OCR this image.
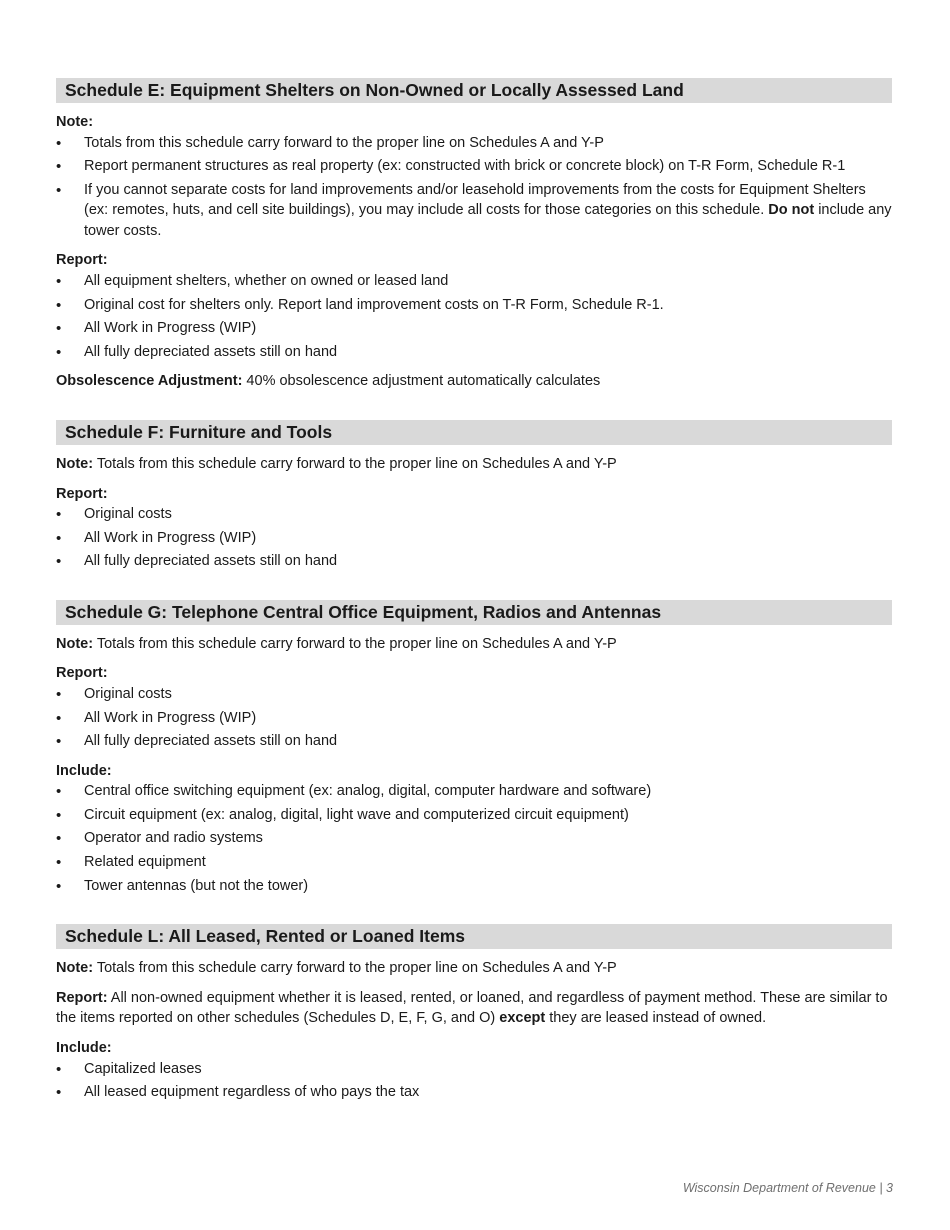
Schedule E: Equipment Shelters on Non-Owned or Locally Assessed Land

Note:

• Totals from this schedule carry forward to the proper line on Schedules A and Y-P
• Report permanent structures as real property (ex: constructed with brick or concrete block) on T-R Form, Schedule R-1
• If you cannot separate costs for land improvements and/or leasehold improvements from the costs for Equipment Shelters (ex: remotes, huts, and cell site buildings), you may include all costs for those categories on this schedule. Do not include any tower costs.

Report:

• All equipment shelters, whether on owned or leased land
• Original cost for shelters only. Report land improvement costs on T-R Form, Schedule R-1.
• All Work in Progress (WIP)
• All fully depreciated assets still on hand

Obsolescence Adjustment: 40% obsolescence adjustment automatically calculates

Schedule F: Furniture and Tools

Note: Totals from this schedule carry forward to the proper line on Schedules A and Y-P

Report:

• Original costs
• All Work in Progress (WIP)
• All fully depreciated assets still on hand
Schedule G: Telephone Central Office Equipment, Radios and Antennas

Note: Totals from this schedule carry forward to the proper line on Schedules A and Y-P

Report:

• Original costs
• All Work in Progress (WIP)
• All fully depreciated assets still on hand

Include:

• Central office switching equipment (ex: analog, digital, computer hardware and software)
• Circuit equipment (ex: analog, digital, light wave and computerized circuit equipment)
• Operator and radio systems
• Related equipment
• Tower antennas (but not the tower)
Schedule L: All Leased, Rented or Loaned Items

Note: Totals from this schedule carry forward to the proper line on Schedules A and Y-P

Report: All non-owned equipment whether it is leased, rented, or loaned, and regardless of payment method. These are similar to the items reported on other schedules (Schedules D, E, F, G, and O) except they are leased instead of owned.

Include:

• Capitalized leases
• All leased equipment regardless of who pays the tax
Wisconsin Department of Revenue | 3
